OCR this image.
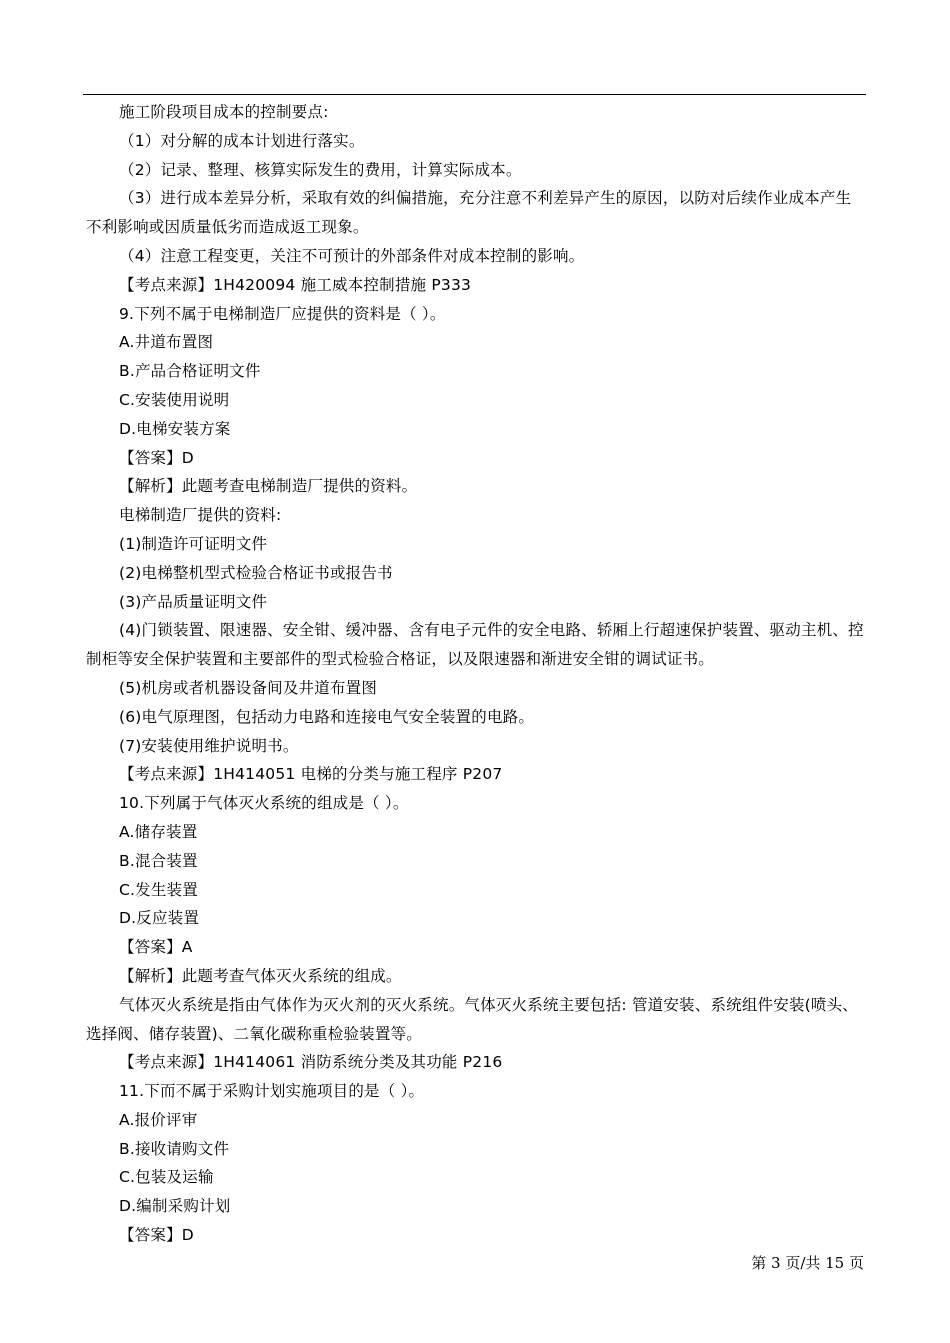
施工阶段项目成本的控制要点:

（1）对分解的成本计划进行落实。

（2）记录、整理、核算实际发生的费用，计算实际成本。

（3）进行成本差异分析，采取有效的纠偏措施，充分注意不利差异产生的原因，以防对后续作业成本产生不利影响或因质量低劣而造成返工现象。

（4）注意工程变更，关注不可预计的外部条件对成本控制的影响。

【考点来源】1H420094 施工威本控制措施 P333

9.下列不属于电梯制造厂应提供的资料是（ ）。

A.井道布置图

B.产品合格证明文件

C.安装使用说明

D.电梯安装方案

【答案】D

【解析】此题考查电梯制造厂提供的资料。

电梯制造厂提供的资料:

(1)制造许可证明文件

(2)电梯整机型式检验合格证书或报告书

(3)产品质量证明文件

(4)门锁装置、限速器、安全钳、缓冲器、含有电子元件的安全电路、轿厢上行超速保护装置、驱动主机、控制柜等安全保护装置和主要部件的型式检验合格证，以及限速器和渐进安全钳的调试证书。

(5)机房或者机器设备间及井道布置图

(6)电气原理图，包括动力电路和连接电气安全装置的电路。

(7)安装使用维护说明书。

【考点来源】1H414051 电梯的分类与施工程序 P207

10.下列属于气体灭火系统的组成是（ ）。

A.储存装置

B.混合装置

C.发生装置

D.反应装置

【答案】A

【解析】此题考查气体灭火系统的组成。

气体灭火系统是指由气体作为灭火剂的灭火系统。气体灭火系统主要包括: 管道安装、系统组件安装(喷头、选择阀、储存装置)、二氧化碳称重检验装置等。

【考点来源】1H414061 消防系统分类及其功能 P216

11.下而不属于采购计划实施项目的是（ ）。

A.报价评审

B.接收请购文件

C.包装及运输

D.编制采购计划

【答案】D

第 3 页/共 15 页
